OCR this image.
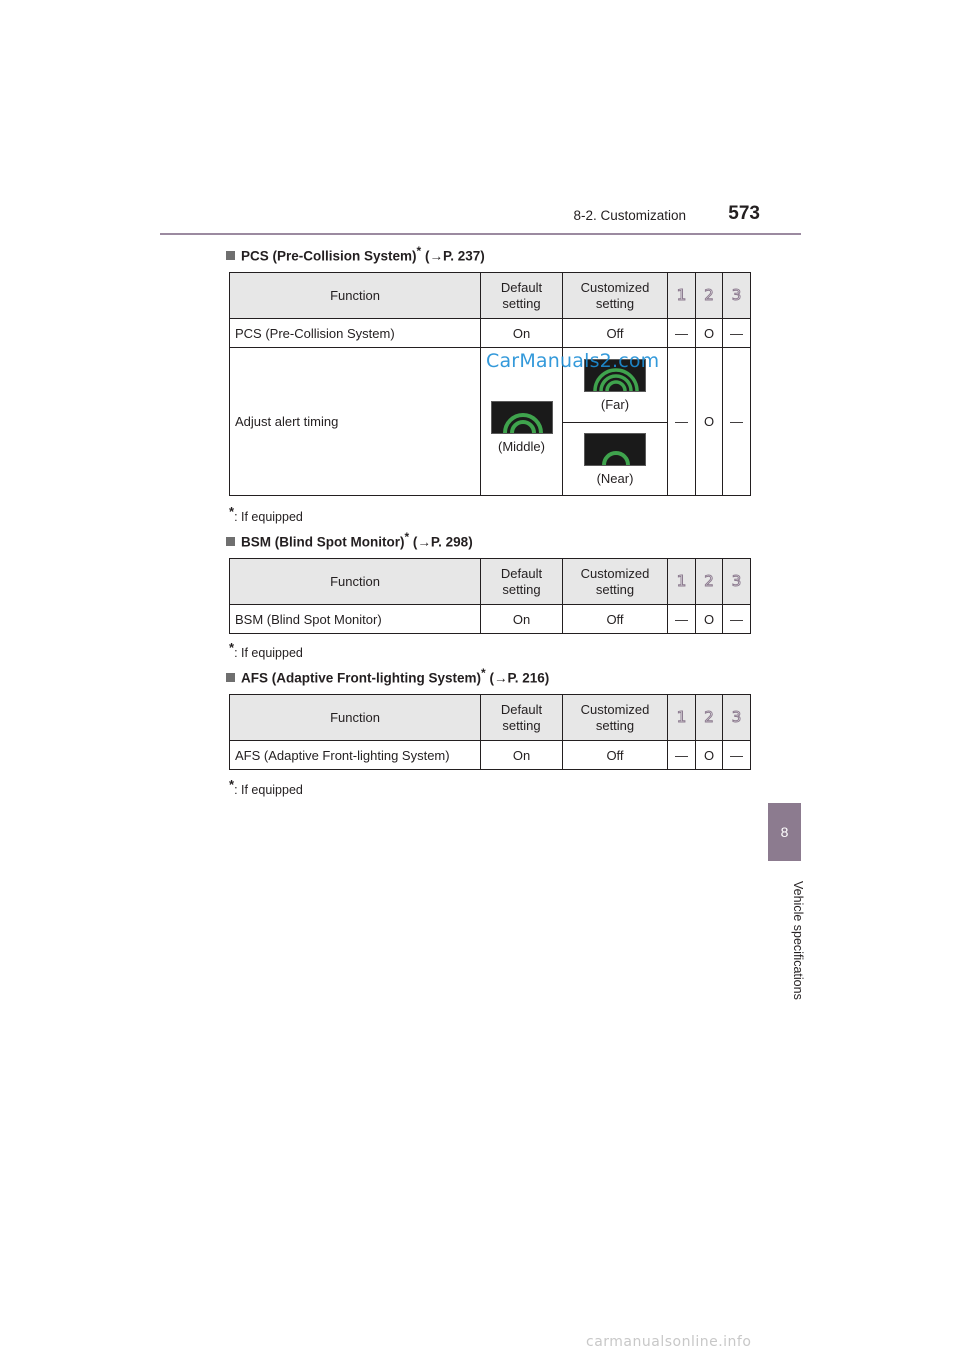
8-2. Customization	573
8
Vehicle specifications
PCS (Pre-Collision System)* (→P. 237)
Function	Default setting	Customized setting	1	2	3
PCS (Pre-Collision System)	On	Off	—	O	—
Adjust alert timing	(Middle)	(Far)	—	O	—

		(Near)			
CarManuals2.com
*: If equipped
BSM (Blind Spot Monitor)* (→P. 298)
Function	Default setting	Customized setting	1	2	3
BSM (Blind Spot Monitor)	On	Off	—	O	—
*: If equipped
AFS (Adaptive Front-lighting System)* (→P. 216)
Function	Default setting	Customized setting	1	2	3
AFS (Adaptive Front-lighting System)	On	Off	—	O	—
*: If equipped
carmanualsonline.info
